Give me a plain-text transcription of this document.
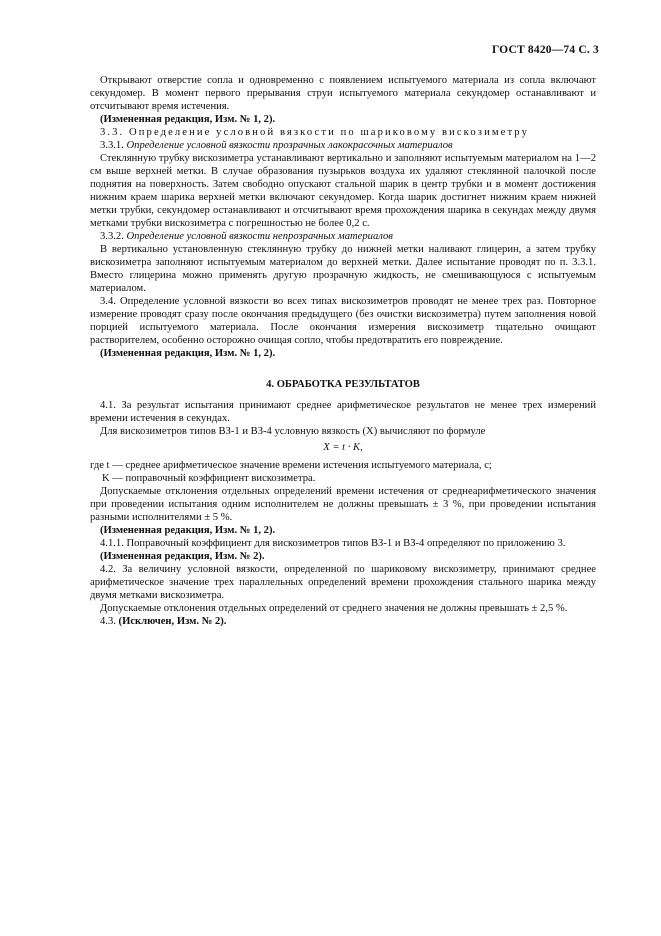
ГОСТ 8420—74 С. 3

Открывают отверстие сопла и одновременно с появлением испытуемого материала из сопла включают секундомер. В момент первого прерывания струи испытуемого материала секундомер останавливают и отсчитывают время истечения.

(Измененная редакция, Изм. № 1, 2).

3.3. Определение условной вязкости по шариковому вискозиметру

3.3.1. Определение условной вязкости прозрачных лакокрасочных материалов

Стеклянную трубку вискозиметра устанавливают вертикально и заполняют испытуемым материалом на 1—2 см выше верхней метки. В случае образования пузырьков воздуха их удаляют стеклянной палочкой после поднятия на поверхность. Затем свободно опускают стальной шарик в центр трубки и в момент достижения нижним краем шарика верхней метки включают секундомер. Когда шарик достигнет нижним краем нижней метки трубки, секундомер останавливают и отсчитывают время прохождения шарика в секундах между двумя метками трубки вискозиметра с погрешностью не более 0,2 с.

3.3.2. Определение условной вязкости непрозрачных материалов

В вертикально установленную стеклянную трубку до нижней метки наливают глицерин, а затем трубку вискозиметра заполняют испытуемым материалом до верхней метки. Далее испытание проводят по п. 3.3.1. Вместо глицерина можно применять другую прозрачную жидкость, не смешивающуюся с испытуемым материалом.

3.4. Определение условной вязкости во всех типах вискозиметров проводят не менее трех раз. Повторное измерение проводят сразу после окончания предыдущего (без очистки вискозиметра) путем заполнения новой порцией испытуемого материала. После окончания измерения вискозиметр тщательно очищают растворителем, особенно осторожно очищая сопло, чтобы предотвратить его повреждение.

(Измененная редакция, Изм. № 1, 2).

4. ОБРАБОТКА РЕЗУЛЬТАТОВ

4.1. За результат испытания принимают среднее арифметическое результатов не менее трех измерений времени истечения в секундах.

Для вискозиметров типов ВЗ-1 и ВЗ-4 условную вязкость (X) вычисляют по формуле

X = t · K,

где t — среднее арифметическое значение времени истечения испытуемого материала, с;

K — поправочный коэффициент вискозиметра.

Допускаемые отклонения отдельных определений времени истечения от среднеарифметического значения при проведении испытания одним исполнителем не должны превышать ± 3 %, при проведении испытания разными исполнителями ± 5 %.

(Измененная редакция, Изм. № 1, 2).

4.1.1. Поправочный коэффициент для вискозиметров типов ВЗ-1 и ВЗ-4 определяют по приложению 3.

(Измененная редакция, Изм. № 2).

4.2. За величину условной вязкости, определенной по шариковому вискозиметру, принимают среднее арифметическое значение трех параллельных определений времени прохождения стального шарика между двумя метками вискозиметра.

Допускаемые отклонения отдельных определений от среднего значения не должны превышать ± 2,5 %.

4.3. (Исключен, Изм. № 2).
